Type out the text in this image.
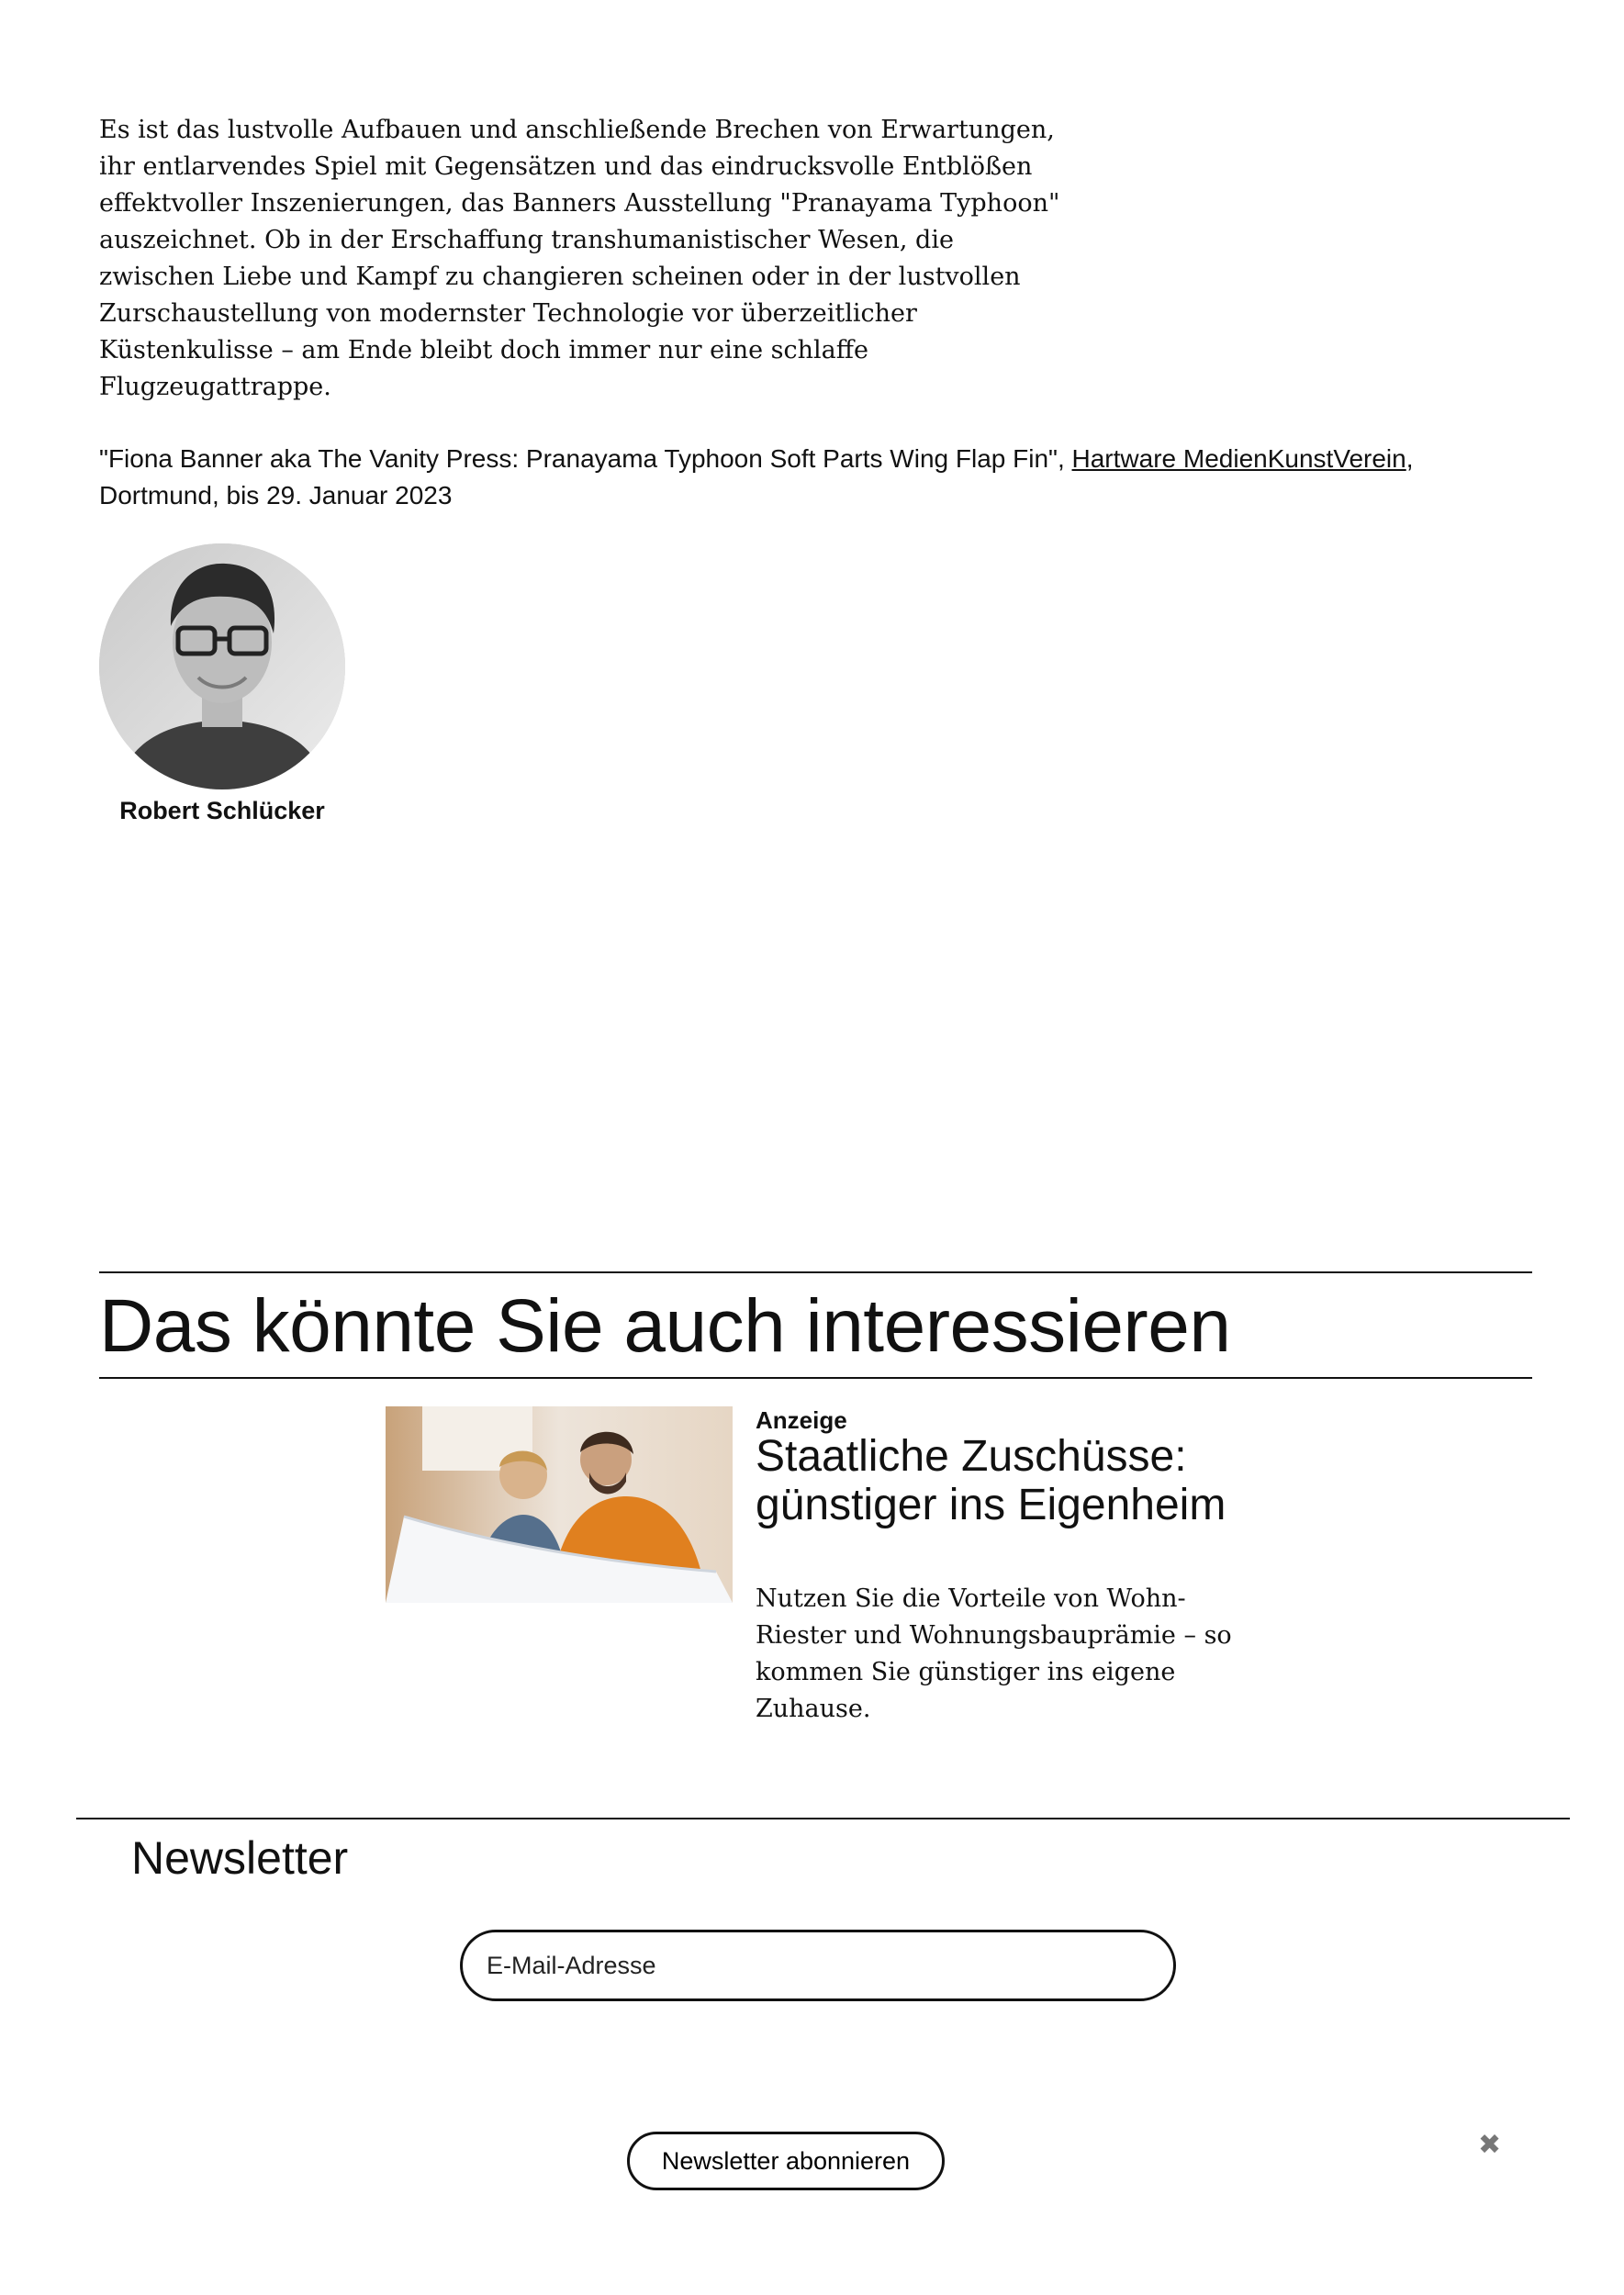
Es ist das lustvolle Aufbauen und anschließende Brechen von Erwartungen, ihr entlarvendes Spiel mit Gegensätzen und das eindrucksvolle Entblößen effektvoller Inszenierungen, das Banners Ausstellung "Pranayama Typhoon" auszeichnet. Ob in der Erschaffung transhumanistischer Wesen, die zwischen Liebe und Kampf zu changieren scheinen oder in der lustvollen Zurschaustellung von modernster Technologie vor überzeitlicher Küstenkulisse – am Ende bleibt doch immer nur eine schlaffe Flugzeugattrappe.

"Fiona Banner aka The Vanity Press: Pranayama Typhoon Soft Parts Wing Flap Fin", Hartware MedienKunstVerein, Dortmund, bis 29. Januar 2023

Robert Schlücker
Das könnte Sie auch interessieren
Anzeige
Staatliche Zuschüsse: günstiger ins Eigenheim

Nutzen Sie die Vorteile von Wohn-Riester und Wohnungsbauprämie – so kommen Sie günstiger ins eigene Zuhause.

Newsletter
E-Mail-Adresse
Newsletter abonnieren
✖
